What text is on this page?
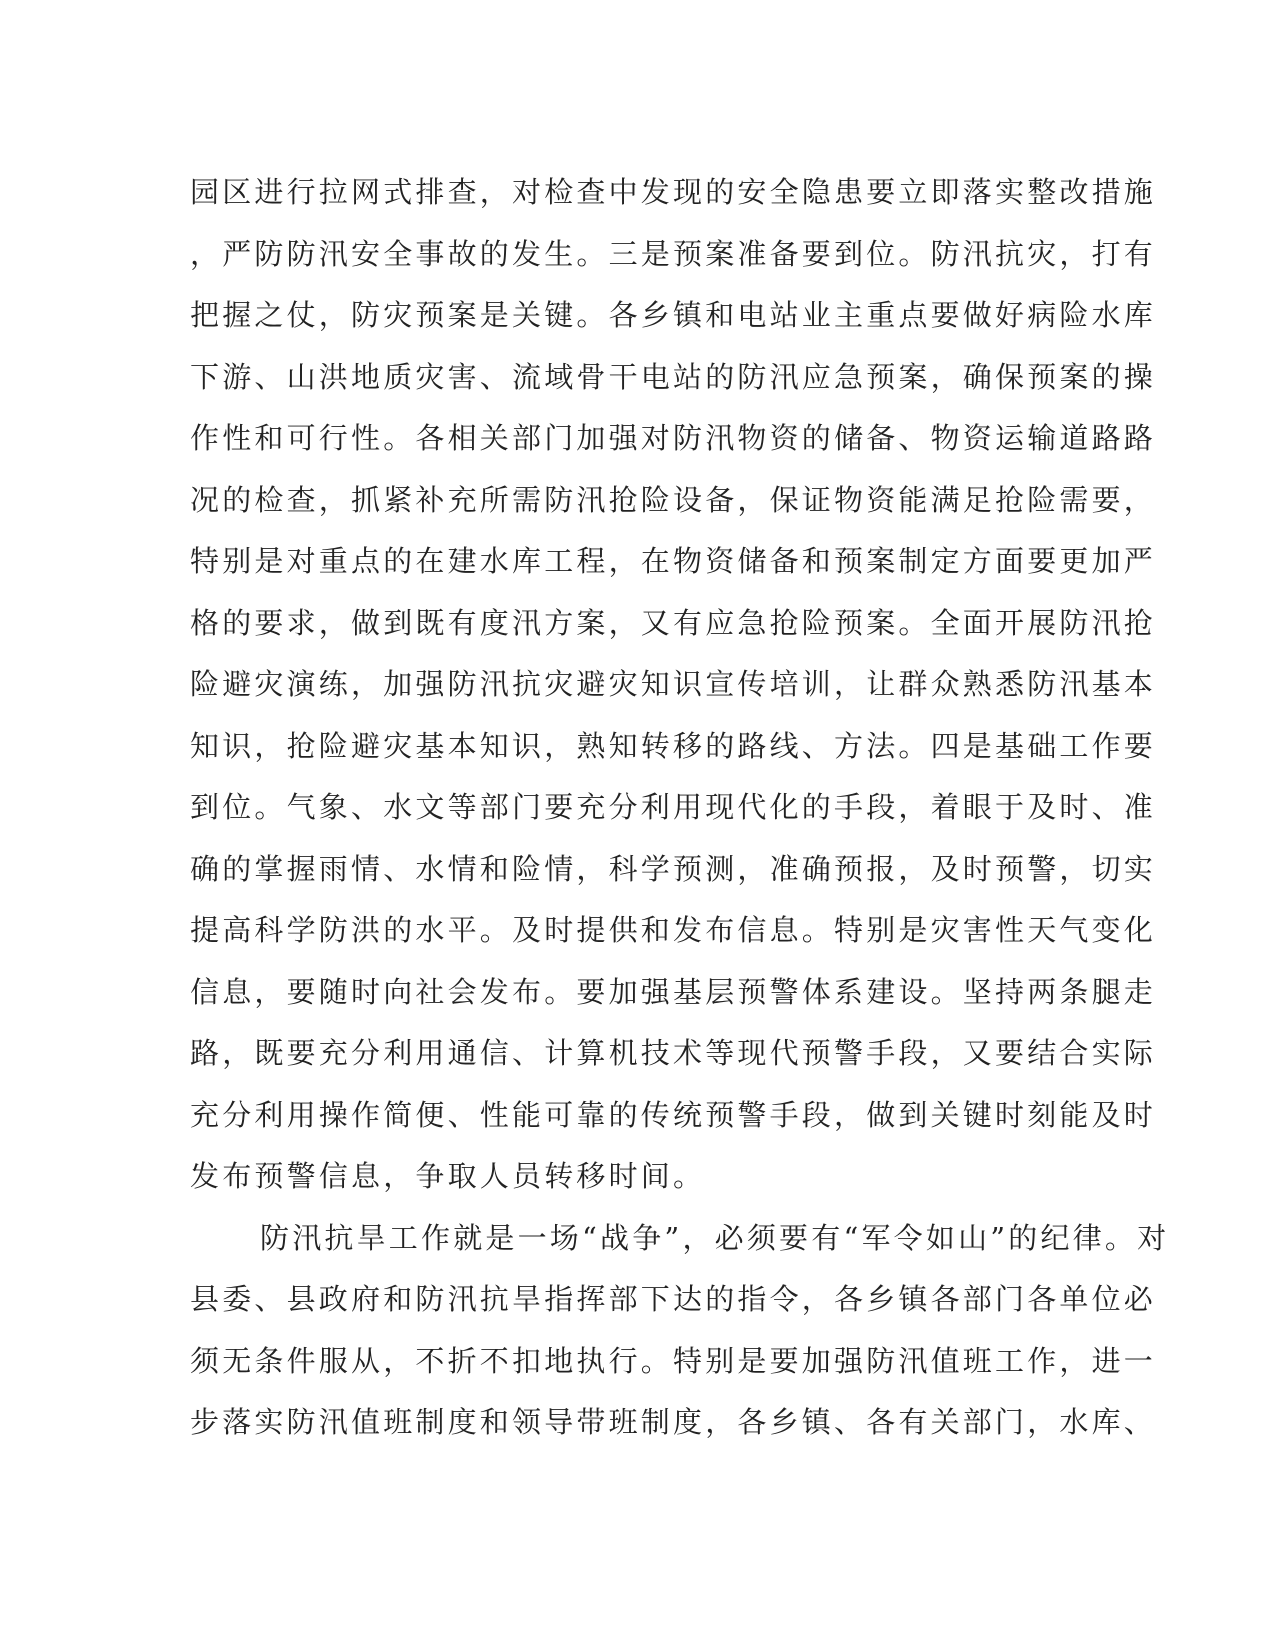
园区进行拉网式排查，对检查中发现的安全隐患要立即落实整改措施
，严防防汛安全事故的发生。三是预案准备要到位。防汛抗灾，打有
把握之仗，防灾预案是关键。各乡镇和电站业主重点要做好病险水库
下游、山洪地质灾害、流域骨干电站的防汛应急预案，确保预案的操
作性和可行性。各相关部门加强对防汛物资的储备、物资运输道路路
况的检查，抓紧补充所需防汛抢险设备，保证物资能满足抢险需要，
特别是对重点的在建水库工程，在物资储备和预案制定方面要更加严
格的要求，做到既有度汛方案，又有应急抢险预案。全面开展防汛抢
险避灾演练，加强防汛抗灾避灾知识宣传培训，让群众熟悉防汛基本
知识，抢险避灾基本知识，熟知转移的路线、方法。四是基础工作要
到位。气象、水文等部门要充分利用现代化的手段，着眼于及时、准
确的掌握雨情、水情和险情，科学预测，准确预报，及时预警，切实
提高科学防洪的水平。及时提供和发布信息。特别是灾害性天气变化
信息，要随时向社会发布。要加强基层预警体系建设。坚持两条腿走
路，既要充分利用通信、计算机技术等现代预警手段，又要结合实际
充分利用操作简便、性能可靠的传统预警手段，做到关键时刻能及时
发布预警信息，争取人员转移时间。
防汛抗旱工作就是一场“战争”，必须要有“军令如山”的纪律。对
县委、县政府和防汛抗旱指挥部下达的指令，各乡镇各部门各单位必
须无条件服从，不折不扣地执行。特别是要加强防汛值班工作，进一
步落实防汛值班制度和领导带班制度，各乡镇、各有关部门，水库、
